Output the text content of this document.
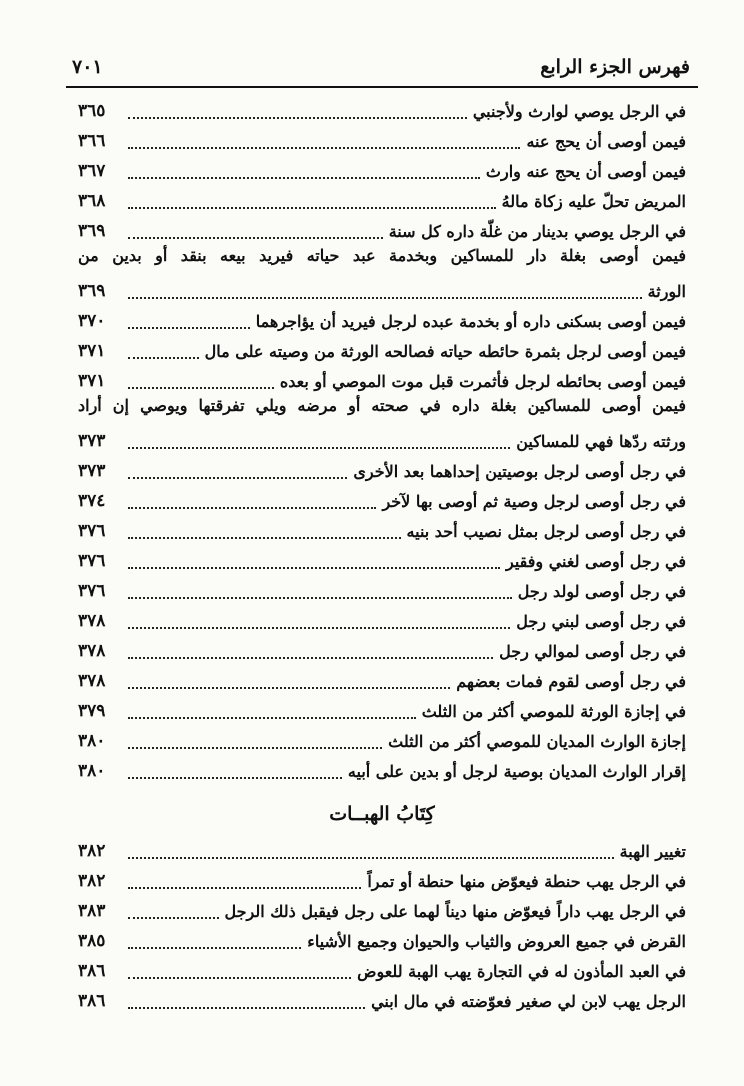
فهرس الجزء الرابع
٧٠١
في الرجل يوصي لوارث ولأجنبي
٣٦٥
فيمن أوصى أن يحج عنه
٣٦٦
فيمن أوصى أن يحج عنه وارث
٣٦٧
المريض تحلّ عليه زكاة مالهُ
٣٦٨
في الرجل يوصي بدينار من غلّة داره كل سنة
٣٦٩
فيمن أوصى بغلة دار للمساكين وبخدمة عبد حياته فيريد بيعه بنقد أو بدين من
الورثة
٣٦٩
فيمن أوصى بسكنى داره أو بخدمة عبده لرجل فيريد أن يؤاجرهما
٣٧٠
فيمن أوصى لرجل بثمرة حائطه حياته فصالحه الورثة من وصيته على مال
٣٧١
فيمن أوصى بحائطه لرجل فأثمرت قبل موت الموصي أو بعده
٣٧١
فيمن أوصى للمساكين بغلة داره في صحته أو مرضه ويلي تفرقتها ويوصي إن أراد
ورثته ردّها فهي للمساكين
٣٧٣
في رجل أوصى لرجل بوصيتين إحداهما بعد الأخرى
٣٧٣
في رجل أوصى لرجل وصية ثم أوصى بها لآخر
٣٧٤
في رجل أوصى لرجل بمثل نصيب أحد بنيه
٣٧٦
في رجل أوصى لغني وفقير
٣٧٦
في رجل أوصى لولد رجل
٣٧٦
في رجل أوصى لبني رجل
٣٧٨
في رجل أوصى لموالي رجل
٣٧٨
في رجل أوصى لقوم فمات بعضهم
٣٧٨
في إجازة الورثة للموصي أكثر من الثلث
٣٧٩
إجازة الوارث المديان للموصي أكثر من الثلث
٣٨٠
إقرار الوارث المديان بوصية لرجل أو بدين على أبيه
٣٨٠
كِتَابُ الهبــات
تغيير الهبة
٣٨٢
في الرجل يهب حنطة فيعوّض منها حنطة أو تمراً
٣٨٢
في الرجل يهب داراً فيعوّض منها ديناً لهما على رجل فيقبل ذلك الرجل
٣٨٣
القرض في جميع العروض والثياب والحيوان وجميع الأشياء
٣٨٥
في العبد المأذون له في التجارة يهب الهبة للعوض
٣٨٦
الرجل يهب لابن لي صغير فعوّضته في مال ابني
٣٨٦
